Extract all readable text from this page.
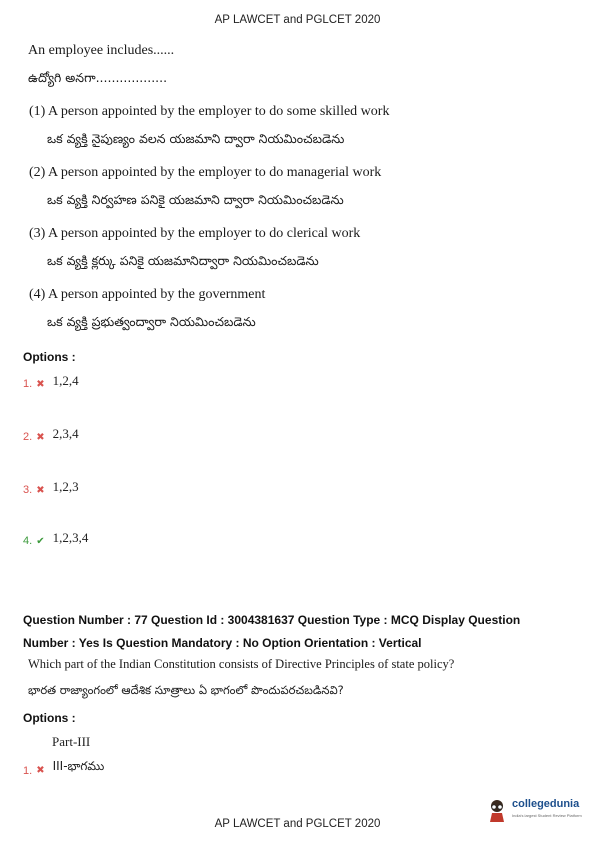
AP LAWCET and PGLCET 2020
An employee includes......
ఉద్యోగి అనగా..................
(1) A person appointed by the employer to do some skilled work
ఒక వ్యక్తి నైపుణ్యం వలన యజమాని ద్వారా నియమించబడెను
(2) A person appointed by the employer to do managerial work
ఒక వ్యక్తి నిర్వహణ పనికై యజమాని ద్వారా నియమించబడెను
(3) A person appointed by the employer to do clerical work
ఒక వ్యక్తి క్లర్కు పనికై యజమానిద్వారా నియమించబడెను
(4) A person appointed by the government
ఒక వ్యక్తి ప్రభుత్వంద్వారా నియమించబడెను
Options :
1. ✖ 1,2,4
2. ✖ 2,3,4
3. ✖ 1,2,3
4. ✔ 1,2,3,4
Question Number : 77 Question Id : 3004381637 Question Type : MCQ Display Question
Number : Yes Is Question Mandatory : No Option Orientation : Vertical
Which part of the Indian Constitution consists of Directive Principles of state policy?
భారత రాజ్యాంగంలో ఆదేశిక సూత్రాలు ఏ భాగంలో పొందుపరచబడినవి?
Options :
Part-III
1. ✖ III-భాగము
collegedunia
India's largest Student Review Platform
AP LAWCET and PGLCET 2020
